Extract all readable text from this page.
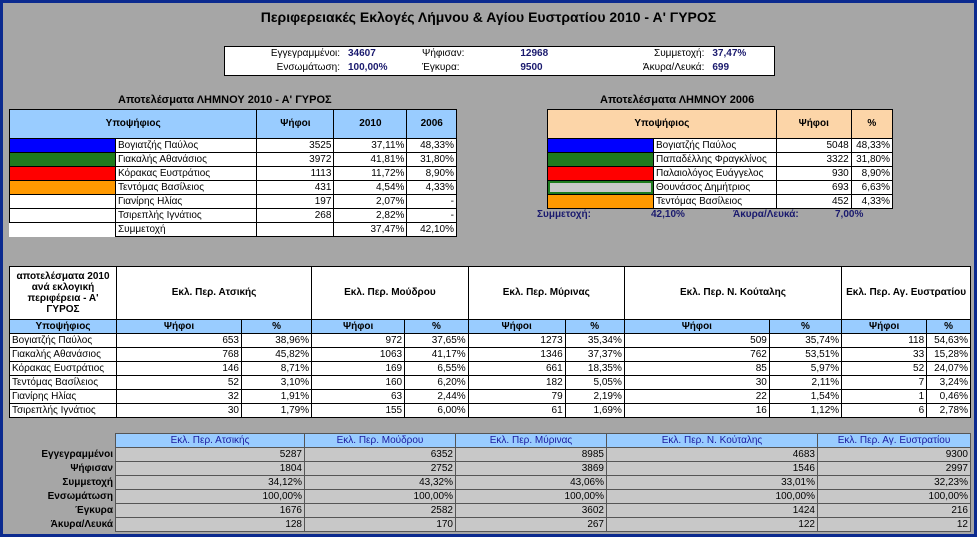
Περιφερειακές Εκλογές Λήμνου & Αγίου Ευστρατίου 2010 - Α' ΓΥΡΟΣ
Εγγεγραμμένοι:	34607	Ψήφισαν:	12968	Συμμετοχή:	37,47%
Ενσωμάτωση:	100,00%	Έγκυρα:	9500	Άκυρα/Λευκά:	699
Αποτελέσματα ΛΗΜΝΟΥ 2010 - Α' ΓΥΡΟΣ
Υποψήφιος		Ψήφοι	2010	2006
	Βογιατζής Παύλος	3525	37,11%	48,33%
	Γιακαλής Αθανάσιος	3972	41,81%	31,80%
	Κόρακας Ευστράτιος	1113	11,72%	8,90%
	Τεντόμας Βασίλειος	431	4,54%	4,33%
	Γιανίρης Ηλίας	197	2,07%	-
	Τσιρεπλής Ιγνάτιος	268	2,82%	-
	Συμμετοχή		37,47%	42,10%
Αποτελέσματα ΛΗΜΝΟΥ 2006
Υποψήφιος		Ψήφοι	%
	Βογιατζής Παύλος	5048	48,33%
	Παπαδέλλης Φραγκλίνος	3322	31,80%
	Παλαιολόγος Ευάγγελος	930	8,90%
	Θουνάσος Δημήτριος	693	6,63%
	Τεντόμας Βασίλειος	452	4,33%
Συμμετοχή:	42,10%	Άκυρα/Λευκά:	7,00%
αποτελέσματα 2010 ανά εκλογική περιφέρεια - Α' ΓΥΡΟΣ	Εκλ. Περ. Ατσικής		Εκλ. Περ. Μούδρου		Εκλ. Περ. Μύρινας		Εκλ. Περ. Ν. Κούταλης		Εκλ. Περ. Αγ. Ευστρατίου	
Υποψήφιος	Ψήφοι	%	Ψήφοι	%	Ψήφοι	%	Ψήφοι	%	Ψήφοι	%
Βογιατζής Παύλος	653	38,96%	972	37,65%	1273	35,34%	509	35,74%	118	54,63%
Γιακαλής Αθανάσιος	768	45,82%	1063	41,17%	1346	37,37%	762	53,51%	33	15,28%
Κόρακας Ευστράτιος	146	8,71%	169	6,55%	661	18,35%	85	5,97%	52	24,07%
Τεντόμας Βασίλειος	52	3,10%	160	6,20%	182	5,05%	30	2,11%	7	3,24%
Γιανίρης Ηλίας	32	1,91%	63	2,44%	79	2,19%	22	1,54%	1	0,46%
Τσιρεπλής Ιγνάτιος	30	1,79%	155	6,00%	61	1,69%	16	1,12%	6	2,78%
	Εκλ. Περ. Ατσικής	Εκλ. Περ. Μούδρου	Εκλ. Περ. Μύρινας	Εκλ. Περ. Ν. Κούταλης	Εκλ. Περ. Αγ. Ευστρατίου
Εγγεγραμμένοι	5287	6352	8985	4683	9300
Ψήφισαν	1804	2752	3869	1546	2997
Συμμετοχή	34,12%	43,32%	43,06%	33,01%	32,23%
Ενσωμάτωση	100,00%	100,00%	100,00%	100,00%	100,00%
Έγκυρα	1676	2582	3602	1424	216
Άκυρα/Λευκά	128	170	267	122	12
